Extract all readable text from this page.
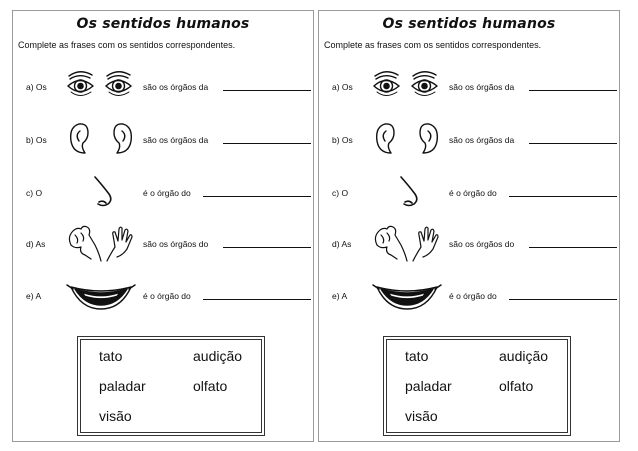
Os sentidos humanos
Complete as frases com os sentidos correspondentes.
a) Os	são os órgãos da
b) Os	são os órgãos da
c) O	é o órgão do
d) As	são os órgãos do
e) A	é o órgão do
tato	audição
paladar	olfato
visão
Os sentidos humanos
Complete as frases com os sentidos correspondentes.
a) Os	são os órgãos da
b) Os	são os órgãos da
c) O	é o órgão do
d) As	são os órgãos do
e) A	é o órgão do
tato	audição
paladar	olfato
visão
